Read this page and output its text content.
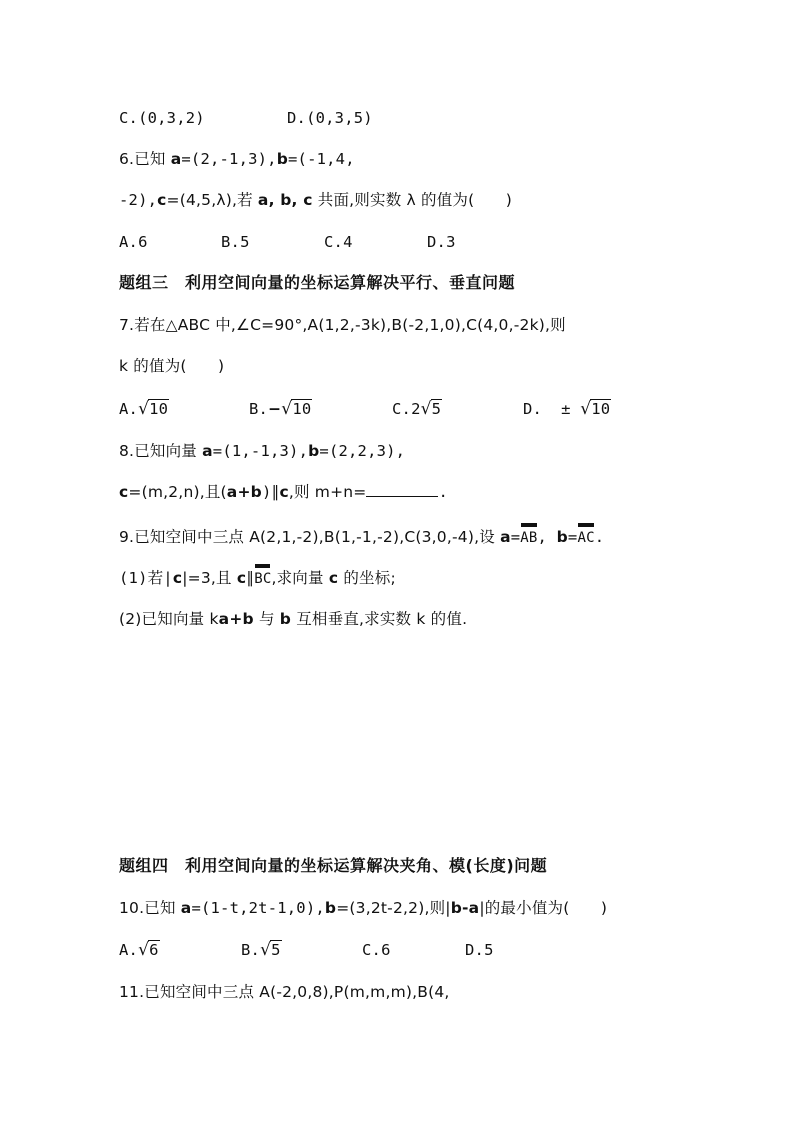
C.(0,3,2)	D.(0,3,5)
6.已知 a=(2,-1,3),b=(-1,4,
-2),c=(4,5,λ),若 a, b, c 共面,则实数 λ 的值为(　　)
A.6	B.5	C.4	D.3
题组三　利用空间向量的坐标运算解决平行、垂直问题
7.若在△ABC 中,∠C=90°,A(1,2,-3k),B(-2,1,0),C(4,0,-2k),则
k 的值为(　　)
A.√10	B.−√10	C.2√5	D.  ± √10
8.已知向量 a=(1,-1,3),b=(2,2,3),
c=(m,2,n),且(a+b)∥c,则 m+n=	.
9.已知空间中三点 A(2,1,-2),B(1,-1,-2),C(3,0,-4),设 a=AB, b=AC.
(1)若|c|=3,且 c∥BC,求向量 c 的坐标;
(2)已知向量 ka+b 与 b 互相垂直,求实数 k 的值.
题组四　利用空间向量的坐标运算解决夹角、模(长度)问题
10.已知 a=(1-t,2t-1,0),b=(3,2t-2,2),则|b-a|的最小值为(　　)
A.√6	B.√5	C.6	D.5
11.已知空间中三点 A(-2,0,8),P(m,m,m),B(4,
